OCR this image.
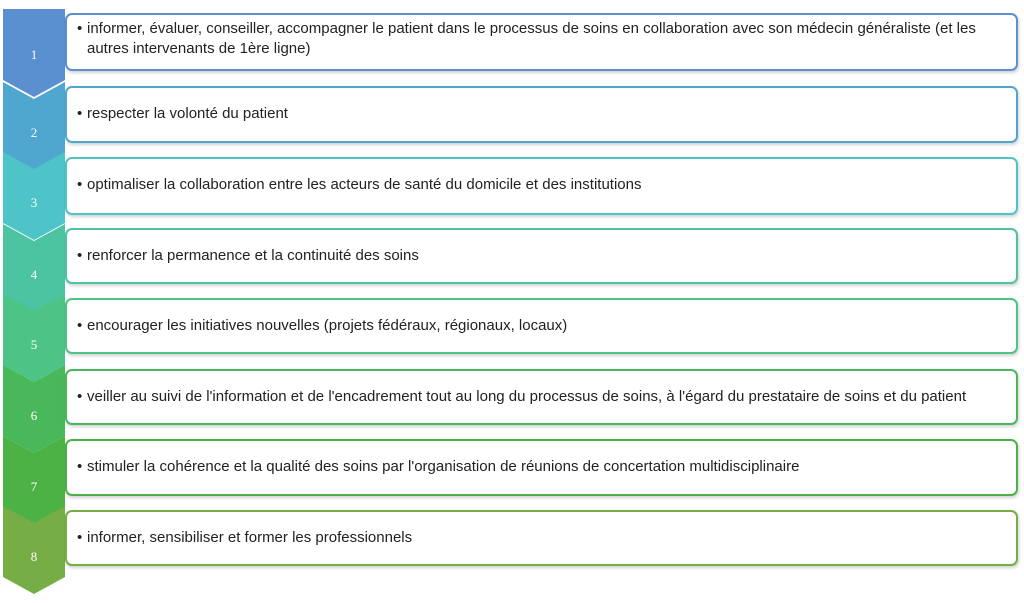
1
2
3
4
5
6
7
8
• informer, évaluer, conseiller, accompagner le patient dans le processus de soins en collaboration avec son médecin généraliste (et les autres intervenants de 1ère ligne)
• respecter la volonté du patient
• optimaliser la collaboration entre les acteurs de santé du domicile et des institutions
• renforcer la permanence et la continuité des soins
• encourager les initiatives nouvelles (projets fédéraux, régionaux, locaux)
• veiller au suivi de l'information et de l'encadrement tout au long du processus de soins, à l'égard du prestataire de soins et du patient
• stimuler la cohérence et la qualité des soins par l'organisation de réunions de concertation multidisciplinaire
• informer, sensibiliser et former les professionnels
